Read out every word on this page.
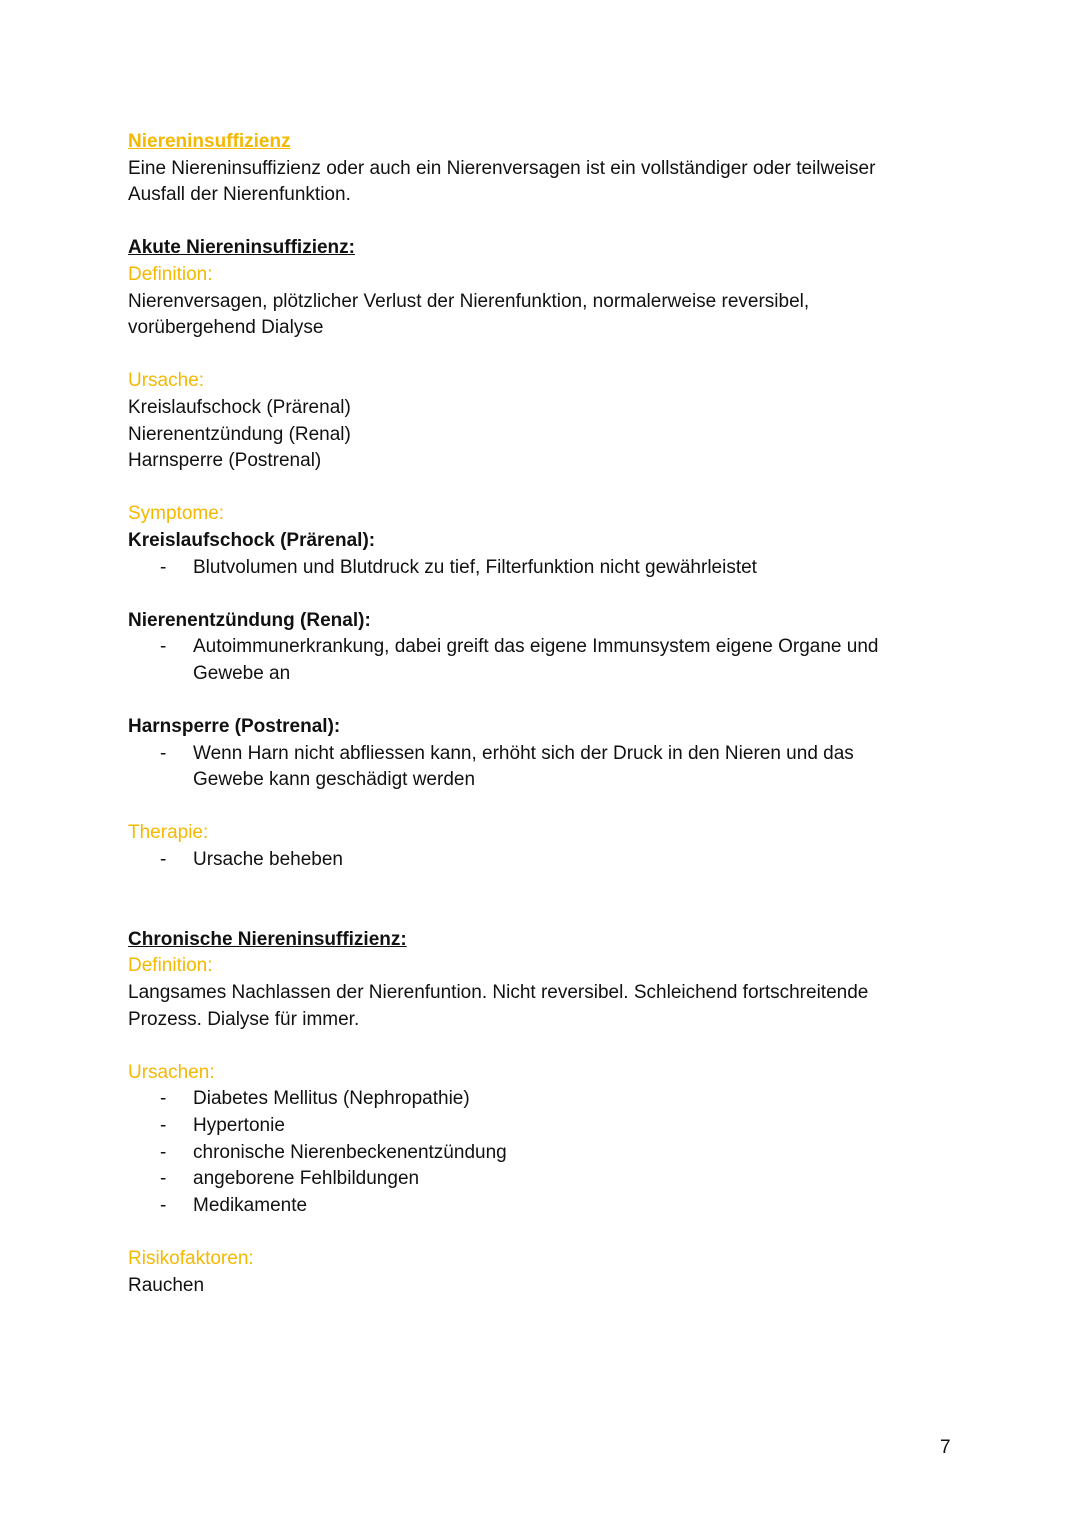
Niereninsuffizienz
Eine Niereninsuffizienz oder auch ein Nierenversagen ist ein vollständiger oder teilweiser
Ausfall der Nierenfunktion.
Akute Niereninsuffizienz:
Definition:
Nierenversagen, plötzlicher Verlust der Nierenfunktion, normalerweise reversibel,
vorübergehend Dialyse
Ursache:
Kreislaufschock (Prärenal)
Nierenentzündung (Renal)
Harnsperre (Postrenal)
Symptome:
Kreislaufschock (Prärenal):
- Blutvolumen und Blutdruck zu tief, Filterfunktion nicht gewährleistet
Nierenentzündung (Renal):
- Autoimmunerkrankung, dabei greift das eigene Immunsystem eigene Organe und
Gewebe an
Harnsperre (Postrenal):
- Wenn Harn nicht abfliessen kann, erhöht sich der Druck in den Nieren und das
Gewebe kann geschädigt werden
Therapie:
- Ursache beheben
Chronische Niereninsuffizienz:
Definition:
Langsames Nachlassen der Nierenfuntion. Nicht reversibel. Schleichend fortschreitende
Prozess. Dialyse für immer.
Ursachen:
- Diabetes Mellitus (Nephropathie)
- Hypertonie
- chronische Nierenbeckenentzündung
- angeborene Fehlbildungen
- Medikamente
Risikofaktoren:
Rauchen
7
